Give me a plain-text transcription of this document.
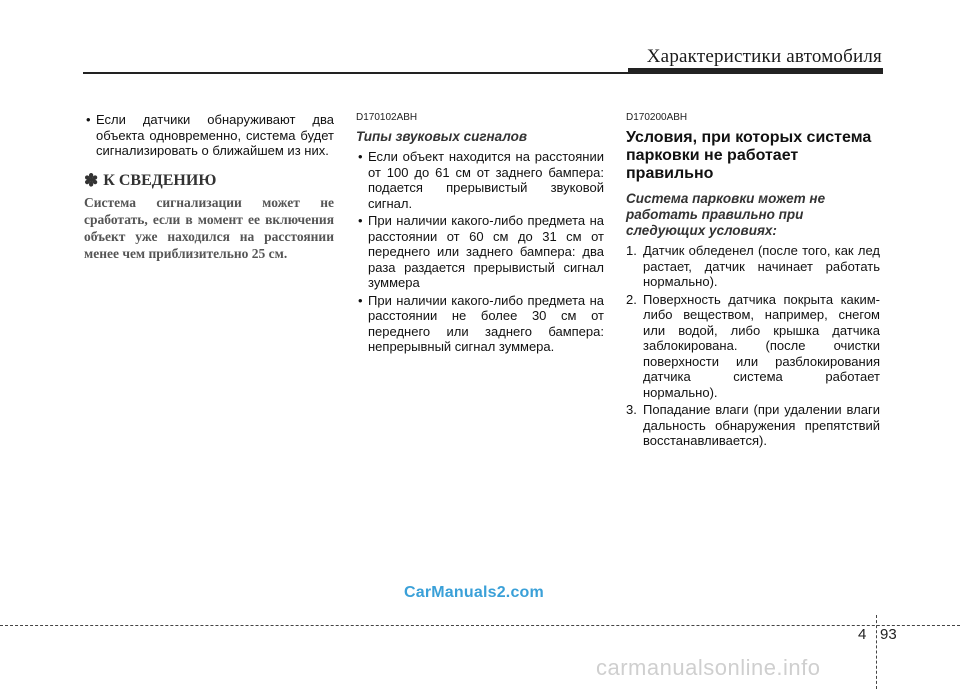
Характеристики автомобиля
• Если датчики обнаруживают два объекта одновременно, система будет сигнализировать о ближайшем из них.
✽ К СВЕДЕНИЮ
Система сигнализации может не сработать, если в момент ее включения объект уже находился на расстоянии менее чем приблизительно 25 см.
D170102ABH
Типы звуковых сигналов
• Если объект находится на расстоянии от 100 до 61 см от заднего бампера: подается прерывистый звуковой сигнал.
• При наличии какого-либо предмета на расстоянии от 60 см до 31 см от переднего или заднего бампера: два раза раздается прерывистый сигнал зуммера
• При наличии какого-либо предмета на расстоянии не более 30 см от переднего или заднего бампера: непрерывный сигнал зуммера.
D170200ABH
Условия, при которых система парковки не работает правильно
Система парковки может не работать правильно при следующих условиях:
1. Датчик обледенел (после того, как лед растает, датчик начинает работать нормально).
2. Поверхность датчика покрыта каким-либо веществом, например, снегом или водой, либо крышка датчика заблокирована. (после очистки поверхности или разблокирования датчика система работает нормально).
3. Попадание влаги (при удалении влаги дальность обнаружения препятствий восстанавливается).
CarManuals2.com
4 93
carmanualsonline.info
